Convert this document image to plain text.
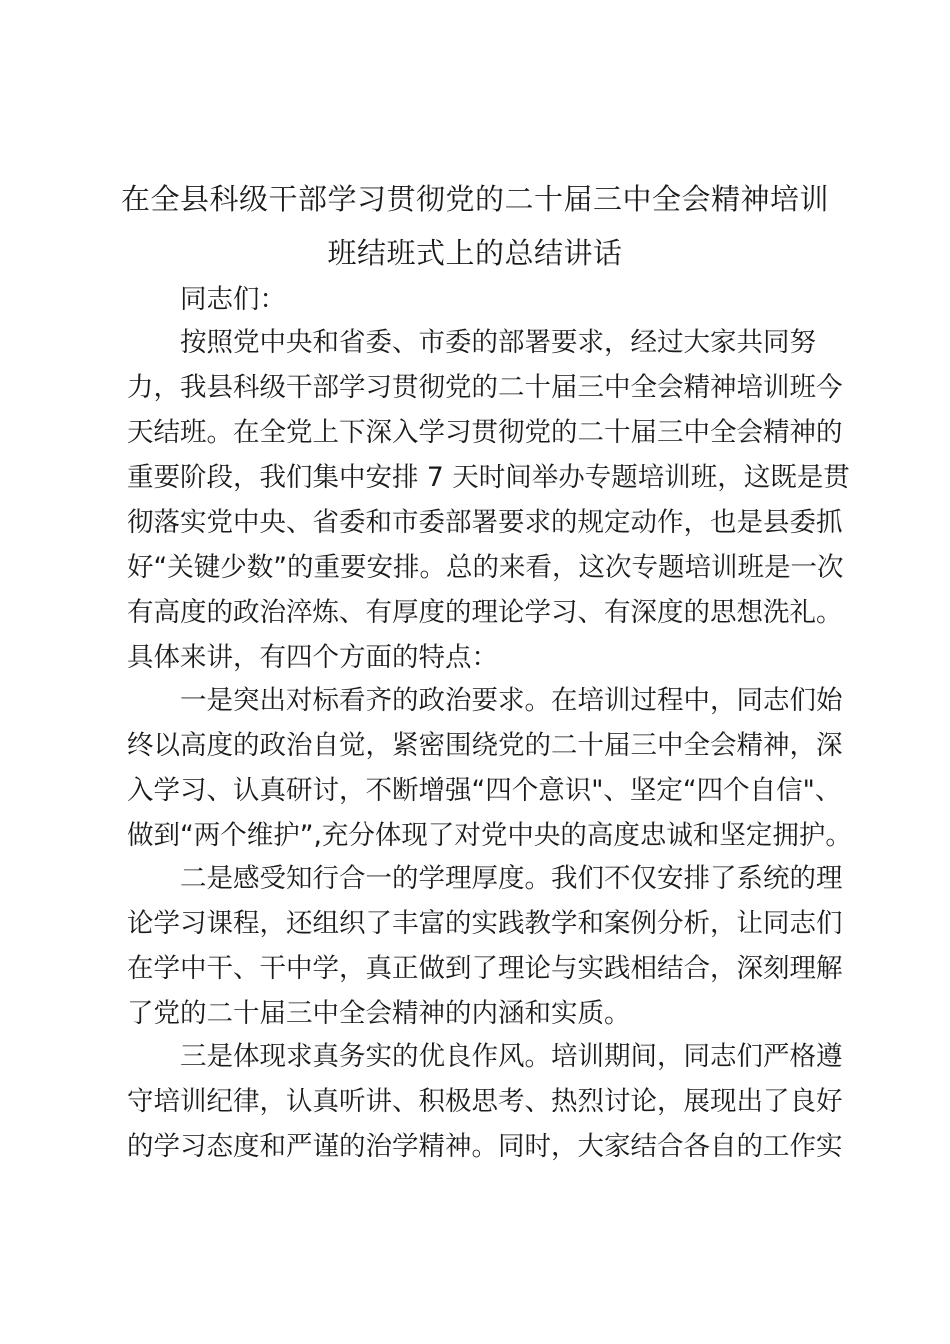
在全县科级干部学习贯彻党的二十届三中全会精神培训
班结班式上的总结讲话
同志们：
按照党中央和省委、市委的部署要求，经过大家共同努
力，我县科级干部学习贯彻党的二十届三中全会精神培训班今
天结班。在全党上下深入学习贯彻党的二十届三中全会精神的
重要阶段，我们集中安排 7 天时间举办专题培训班，这既是贯
彻落实党中央、省委和市委部署要求的规定动作，也是县委抓
好“关键少数”的重要安排。总的来看，这次专题培训班是一次
有高度的政治淬炼、有厚度的理论学习、有深度的思想洗礼。
具体来讲，有四个方面的特点：
一是突出对标看齐的政治要求。在培训过程中，同志们始
终以高度的政治自觉，紧密围绕党的二十届三中全会精神，深
入学习、认真研讨，不断增强“四个意识"、坚定“四个自信"、
做到“两个维护”,充分体现了对党中央的高度忠诚和坚定拥护。
二是感受知行合一的学理厚度。我们不仅安排了系统的理
论学习课程，还组织了丰富的实践教学和案例分析，让同志们
在学中干、干中学，真正做到了理论与实践相结合，深刻理解
了党的二十届三中全会精神的内涵和实质。
三是体现求真务实的优良作风。培训期间，同志们严格遵
守培训纪律，认真听讲、积极思考、热烈讨论，展现出了良好
的学习态度和严谨的治学精神。同时，大家结合各自的工作实
